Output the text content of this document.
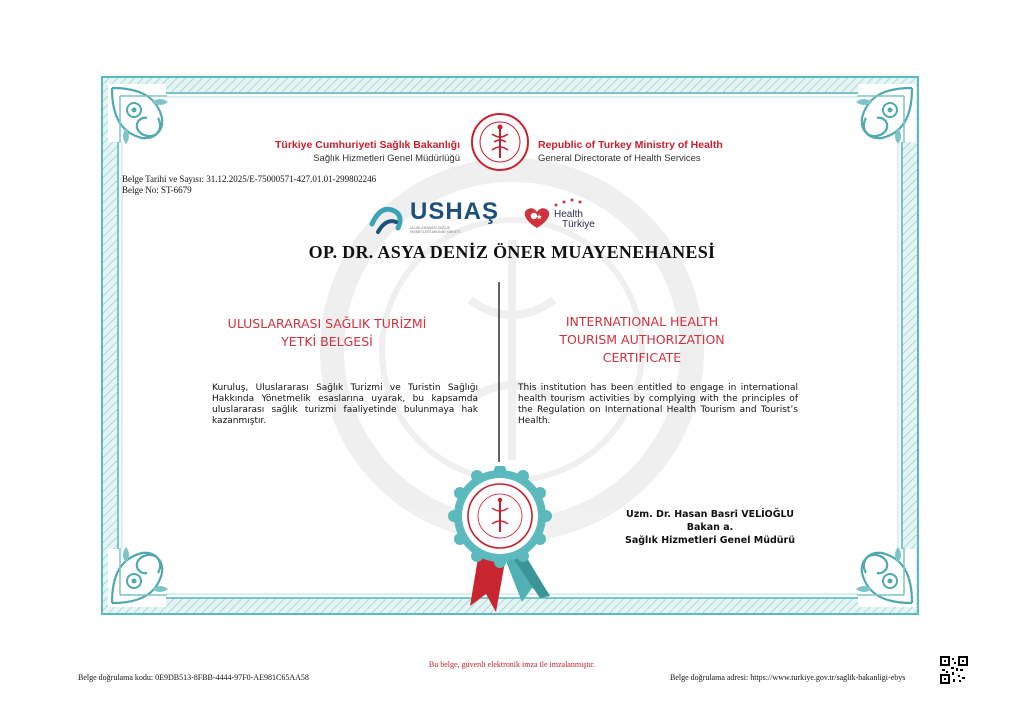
Türkiye Cumhuriyeti Sağlık Bakanlığı
Sağlık Hizmetleri Genel Müdürlüğü
Republic of Turkey Ministry of Health
General Directorate of Health Services
Belge Tarihi ve Sayısı: 31.12.2025/E-75000571-427.01.01-299802246
Belge No: ST-6679
USHAŞ
ULUSLARARASI SAĞLIK HİZMETLERİ ANONİM ŞİRKETİ
Health
Türkiye
OP. DR. ASYA DENİZ ÖNER MUAYENEHANESİ
ULUSLARARASI SAĞLIK TURİZMİ
YETKİ BELGESİ
Kuruluş, Uluslararası Sağlık Turizmi ve Turistin Sağlığı Hakkında Yönetmelik esaslarına uyarak, bu kapsamda uluslararası sağlık turizmi faaliyetinde bulunmaya hak kazanmıştır.
INTERNATIONAL HEALTH
TOURISM AUTHORIZATION
CERTIFICATE
This institution has been entitled to engage in international health tourism activities by complying with the principles of the Regulation on International Health Tourism and Tourist’s Health.
Uzm. Dr. Hasan Basri VELİOĞLU
Bakan a.
Sağlık Hizmetleri Genel Müdürü
Bu belge, güvenli elektronik imza ile imzalanmıştır.
Belge doğrulama kodu: 0E9DB513-8FBB-4444-97F0-AE981C65AA58	Belge doğrulama adresi: https://www.turkiye.gov.tr/saglik-bakanligi-ebys
